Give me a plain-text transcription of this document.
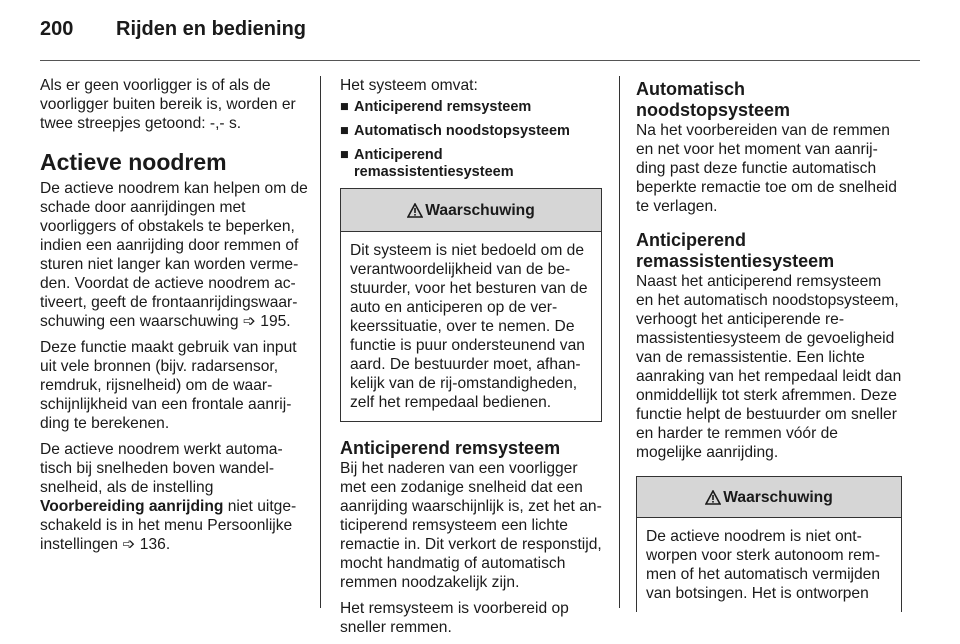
200 Rijden en bediening

Als er geen voorligger is of als de voorligger buiten bereik is, worden er twee streepjes getoond: -,- s.

Actieve noodrem

De actieve noodrem kan helpen om de schade door aanrijdingen met voorliggers of obstakels te beperken, indien een aanrijding door remmen of sturen niet langer kan worden vermeden. Voordat de actieve noodrem activeert, geeft de frontaanrijdingswaarschuwing een waarschuwing ➩ 195.

Deze functie maakt gebruik van input uit vele bronnen (bijv. radarsensor, remdruk, rijsnelheid) om de waarschijnlijkheid van een frontale aanrijding te berekenen.

De actieve noodrem werkt automatisch bij snelheden boven wandelsnelheid, als de instelling Voorbereiding aanrijding niet uitgeschakeld is in het menu Persoonlijke instellingen ➩ 136.

Het systeem omvat:

■ Anticiperend remsysteem
■ Automatisch noodstopsysteem
■ Anticiperend remassistentiesysteem
Waarschuwing
Dit systeem is niet bedoeld om de verantwoordelijkheid van de bestuurder, voor het besturen van de auto en anticiperen op de verkeerssituatie, over te nemen. De functie is puur ondersteunend van aard. De bestuurder moet, afhankelijk van de rij-omstandigheden, zelf het rempedaal bedienen.
Anticiperend remsysteem

Bij het naderen van een voorligger met een zodanige snelheid dat een aanrijding waarschijnlijk is, zet het anticiperend remsysteem een lichte remactie in. Dit verkort de responstijd, mocht handmatig of automatisch remmen noodzakelijk zijn.

Het remsysteem is voorbereid op sneller remmen.

Automatisch noodstopsysteem

Na het voorbereiden van de remmen en net voor het moment van aanrijding past deze functie automatisch beperkte remactie toe om de snelheid te verlagen.

Anticiperend remassistentiesysteem

Naast het anticiperend remsysteem en het automatisch noodstopsysteem, verhoogt het anticiperende remassistentiesysteem de gevoeligheid van de remassistentie. Een lichte aanraking van het rempedaal leidt dan onmiddellijk tot sterk afremmen. Deze functie helpt de bestuurder om sneller en harder te remmen vóór de mogelijke aanrijding.

Waarschuwing
De actieve noodrem is niet ontworpen voor sterk autonoom remmen of het automatisch vermijden van botsingen. Het is ontworpen
